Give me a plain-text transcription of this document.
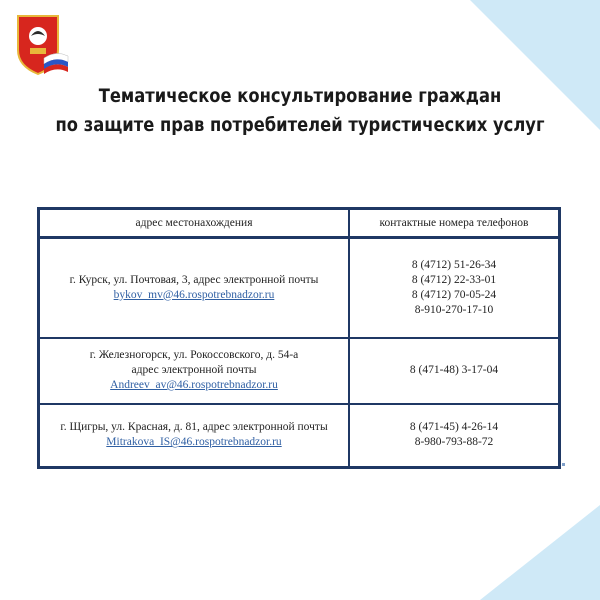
Тематическое консультирование граждан
по защите прав потребителей туристических услуг
адрес местонахождения	контактные номера телефонов
г. Курск, ул. Почтовая, 3, адрес электронной почты bykov_mv@46.rospotrebnadzor.ru	8 (4712) 51-26-34
8 (4712) 22-33-01
8 (4712) 70-05-24
8-910-270-17-10

г. Железногорск, ул. Рокоссовского, д. 54-а
адрес электронной почты
Andreev_av@46.rospotrebnadzor.ru	8 (471-48) 3-17-04

г. Щигры, ул. Красная, д. 81, адрес электронной почты Mitrakova_IS@46.rospotrebnadzor.ru	8 (471-45) 4-26-14
8-980-793-88-72
